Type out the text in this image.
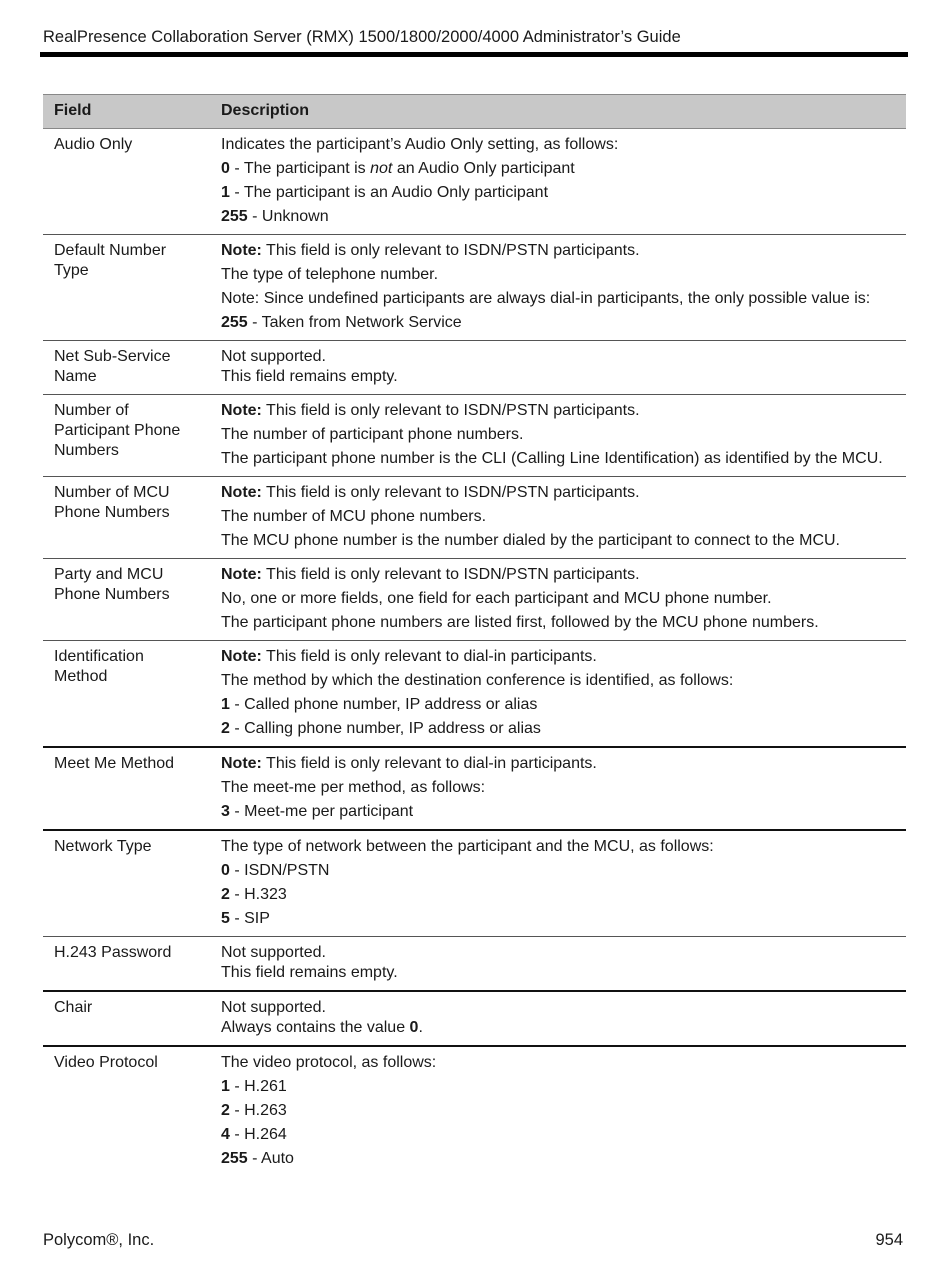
RealPresence Collaboration Server (RMX) 1500/1800/2000/4000 Administrator’s Guide
Field	Description
Audio Only	Indicates the participant’s Audio Only setting, as follows:
0 - The participant is not an Audio Only participant
1 - The participant is an Audio Only participant
255 - Unknown

Default Number Type	Note: This field is only relevant to ISDN/PSTN participants.
The type of telephone number.
Note: Since undefined participants are always dial-in participants, the only possible value is:
255 - Taken from Network Service

Net Sub-Service Name	Not supported.
This field remains empty.

Number of Participant Phone Numbers	Note: This field is only relevant to ISDN/PSTN participants.
The number of participant phone numbers.
The participant phone number is the CLI (Calling Line Identification) as identified by the MCU.

Number of MCU Phone Numbers	Note: This field is only relevant to ISDN/PSTN participants.
The number of MCU phone numbers.
The MCU phone number is the number dialed by the participant to connect to the MCU.

Party and MCU Phone Numbers	Note: This field is only relevant to ISDN/PSTN participants.
No, one or more fields, one field for each participant and MCU phone number.
The participant phone numbers are listed first, followed by the MCU phone numbers.

Identification Method	Note: This field is only relevant to dial-in participants.
The method by which the destination conference is identified, as follows:
1 - Called phone number, IP address or alias
2 - Calling phone number, IP address or alias

Meet Me Method	Note: This field is only relevant to dial-in participants.
The meet-me per method, as follows:
3 - Meet-me per participant

Network Type	The type of network between the participant and the MCU, as follows:
0 - ISDN/PSTN
2 - H.323
5 - SIP

H.243 Password	Not supported.
This field remains empty.

Chair	Not supported.
Always contains the value 0.

Video Protocol	The video protocol, as follows:
1 - H.261
2 - H.263
4 - H.264
255 - Auto
Polycom®, Inc.	954
